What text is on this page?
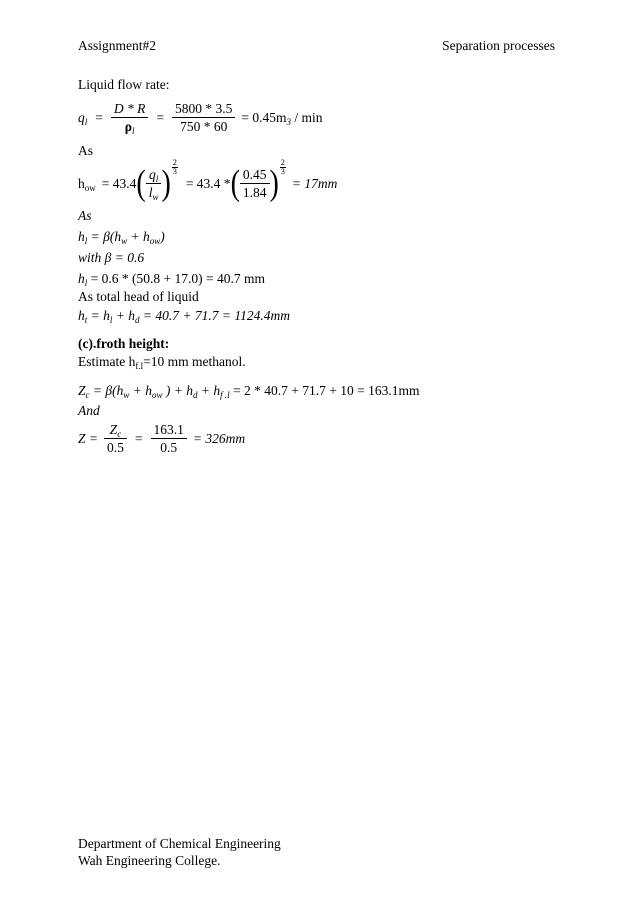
Assignment#2	Separation processes
Liquid flow rate:
$q_l = \frac{D * R}{\rho_l} = \frac{5800 * 3.5}{750 * 60} = 0.45m_3 / \min$
As
$h_{ow} = 43.4$ ( $\frac{q_l}{l_w}$ ) $\frac{2}{3}$
= 43.4 * ( $\frac{0.45}{1.84}$ ) $\frac{2}{3}$
= 17mm
As
$h_l = \beta(h_w + h_{ow})$
with β = 0.6
$h_l = 0.6 * (50.8 + 17.0) = 40.7$ mm
As total head of liquid
$h_t = h_l + h_d = 40.7 + 71.7 = 1124.4mm$
(c).froth height:
Estimate $h_{f.l}=10$ mm methanol.
$Z_c = \beta(h_w + h_{ow}$ ) + $h_d + h_{f .l} = 2 * 40.7 + 71.7 + 10 = 163.1mm$
And
$Z = \frac{Z_c}{0.5} = \frac{163.1}{0.5} = 326mm$
Department of Chemical Engineering
Wah Engineering College.
